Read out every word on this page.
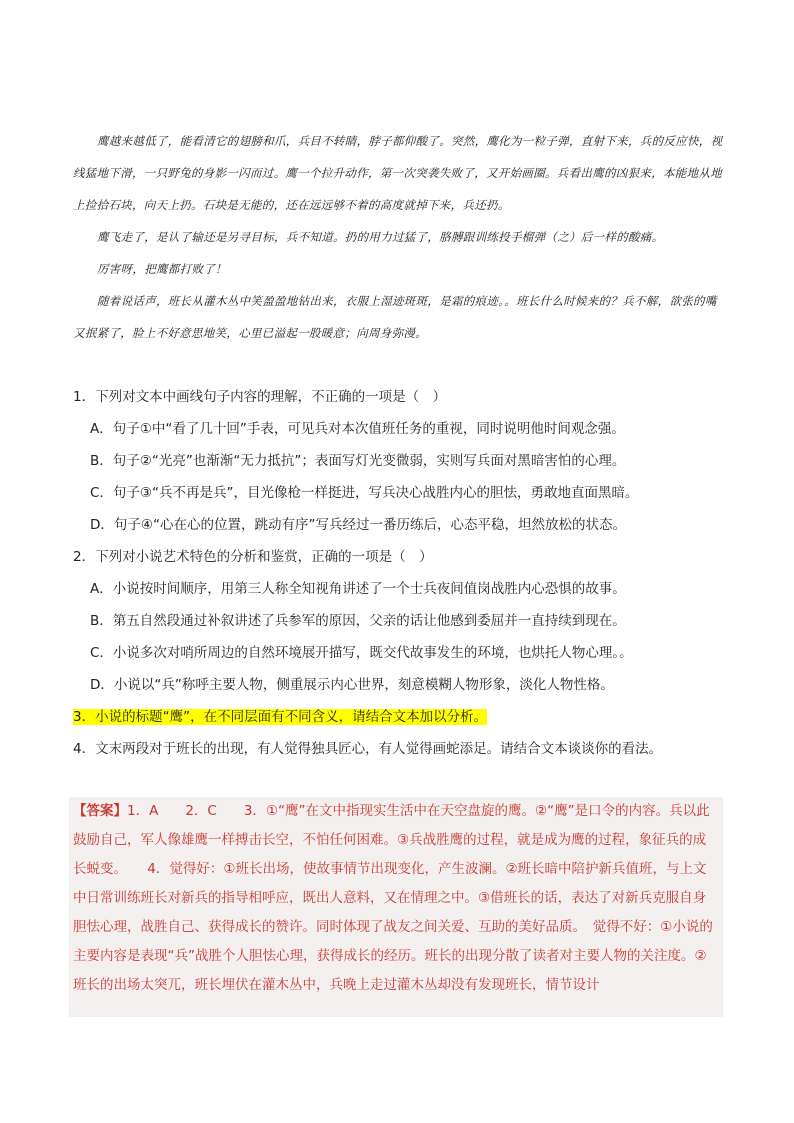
鹰越来越低了，能看清它的翅膀和爪，兵目不转睛，脖子都仰酸了。突然，鹰化为一粒子弹，直射下来，兵的反应快，视线猛地下滑，一只野兔的身影一闪而过。鹰一个拉升动作，第一次突袭失败了，又开始画圈。兵看出鹰的凶狠来，本能地从地上捡拾石块，向天上扔。石块是无能的，还在远远够不着的高度就掉下来，兵还扔。

鹰飞走了，是认了输还是另寻目标，兵不知道。扔的用力过猛了，胳膊跟训练投手榴弹（之）后一样的酸痛。

厉害呀，把鹰都打败了！

随着说话声，班长从灌木丛中笑盈盈地钻出来，衣服上湿迹斑斑，是霜的痕迹。。班长什么时候来的？兵不解，欲张的嘴又抿紧了，脸上不好意思地笑，心里已溢起一股暖意；向周身弥漫。

1．下列对文本中画线句子内容的理解，不正确的一项是（　）
A．句子①中“看了几十回”手表，可见兵对本次值班任务的重视，同时说明他时间观念强。
B．句子②“光亮”也渐渐“无力抵抗”；表面写灯光变微弱，实则写兵面对黑暗害怕的心理。
C．句子③“兵不再是兵”，目光像枪一样挺进，写兵决心战胜内心的胆怯，勇敢地直面黑暗。
D．句子④“心在心的位置，跳动有序”写兵经过一番历练后，心态平稳，坦然放松的状态。
2．下列对小说艺术特色的分析和鉴赏，正确的一项是（　）
A．小说按时间顺序，用第三人称全知视角讲述了一个士兵夜间值岗战胜内心恐惧的故事。
B．第五自然段通过补叙讲述了兵参军的原因，父亲的话让他感到委屈并一直持续到现在。
C．小说多次对哨所周边的自然环境展开描写，既交代故事发生的环境，也烘托人物心理。。
D．小说以“兵”称呼主要人物，侧重展示内心世界，刻意模糊人物形象，淡化人物性格。
3．小说的标题“鹰”，在不同层面有不同含义，请结合文本加以分析。
4．文末两段对于班长的出现，有人觉得独具匠心，有人觉得画蛇添足。请结合文本谈谈你的看法。
【答案】1．A　　2．C　　3．①“鹰”在文中指现实生活中在天空盘旋的鹰。②“鹰”是口令的内容。兵以此鼓励自己，军人像雄鹰一样搏击长空，不怕任何困难。③兵战胜鹰的过程，就是成为鹰的过程，象征兵的成长蜕变。　　4．觉得好：①班长出场，使故事情节出现变化，产生波澜。②班长暗中陪护新兵值班，与上文中日常训练班长对新兵的指导相呼应，既出人意料，又在情理之中。③借班长的话，表达了对新兵克服自身胆怯心理，战胜自己、获得成长的赞许。同时体现了战友之间关爱、互助的美好品质。　觉得不好：①小说的主要内容是表现“兵”战胜个人胆怯心理，获得成长的经历。班长的出现分散了读者对主要人物的关注度。②班长的出场太突兀，班长埋伏在灌木丛中，兵晚上走过灌木丛却没有发现班长，情节设计
